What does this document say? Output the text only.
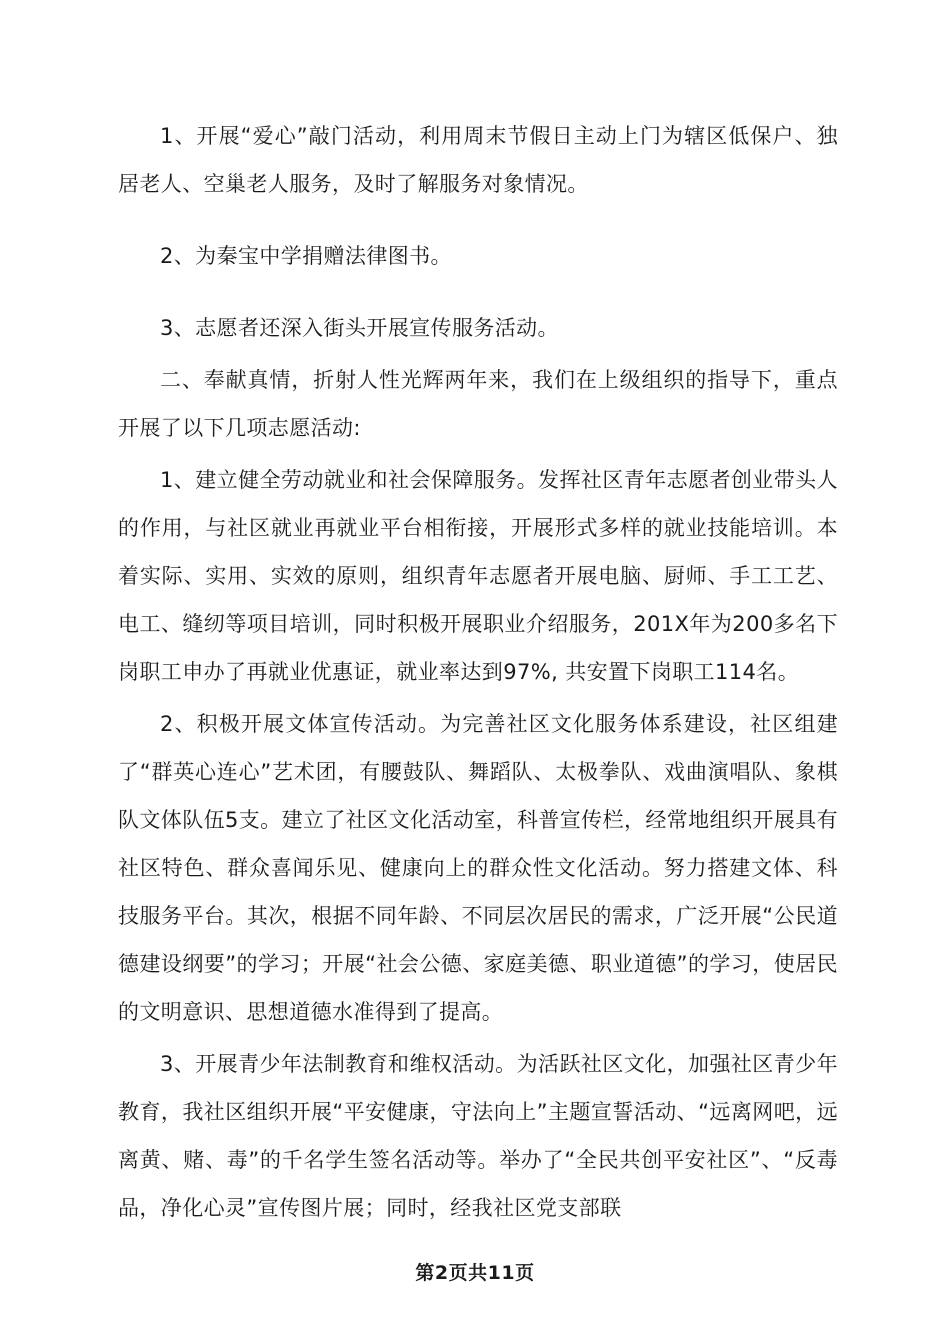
1、开展“爱心”敲门活动，利用周末节假日主动上门为辖区低保户、独居老人、空巢老人服务，及时了解服务对象情况。

2、为秦宝中学捐赠法律图书。

3、志愿者还深入街头开展宣传服务活动。

二、奉献真情，折射人性光辉两年来，我们在上级组织的指导下，重点开展了以下几项志愿活动:

1、建立健全劳动就业和社会保障服务。发挥社区青年志愿者创业带头人的作用，与社区就业再就业平台相衔接，开展形式多样的就业技能培训。本着实际、实用、实效的原则，组织青年志愿者开展电脑、厨师、手工工艺、电工、缝纫等项目培训，同时积极开展职业介绍服务，201X年为200多名下岗职工申办了再就业优惠证，就业率达到97%, 共安置下岗职工114名。

2、积极开展文体宣传活动。为完善社区文化服务体系建设，社区组建了“群英心连心”艺术团，有腰鼓队、舞蹈队、太极拳队、戏曲演唱队、象棋队文体队伍5支。建立了社区文化活动室，科普宣传栏，经常地组织开展具有社区特色、群众喜闻乐见、健康向上的群众性文化活动。努力搭建文体、科技服务平台。其次，根据不同年龄、不同层次居民的需求，广泛开展“公民道德建设纲要”的学习；开展“社会公德、家庭美德、职业道德”的学习，使居民的文明意识、思想道德水准得到了提高。

3、开展青少年法制教育和维权活动。为活跃社区文化，加强社区青少年教育，我社区组织开展“平安健康，守法向上”主题宣誓活动、“远离网吧，远离黄、赌、毒”的千名学生签名活动等。举办了“全民共创平安社区”、“反毒品，净化心灵”宣传图片展；同时，经我社区党支部联

第2页共11页
